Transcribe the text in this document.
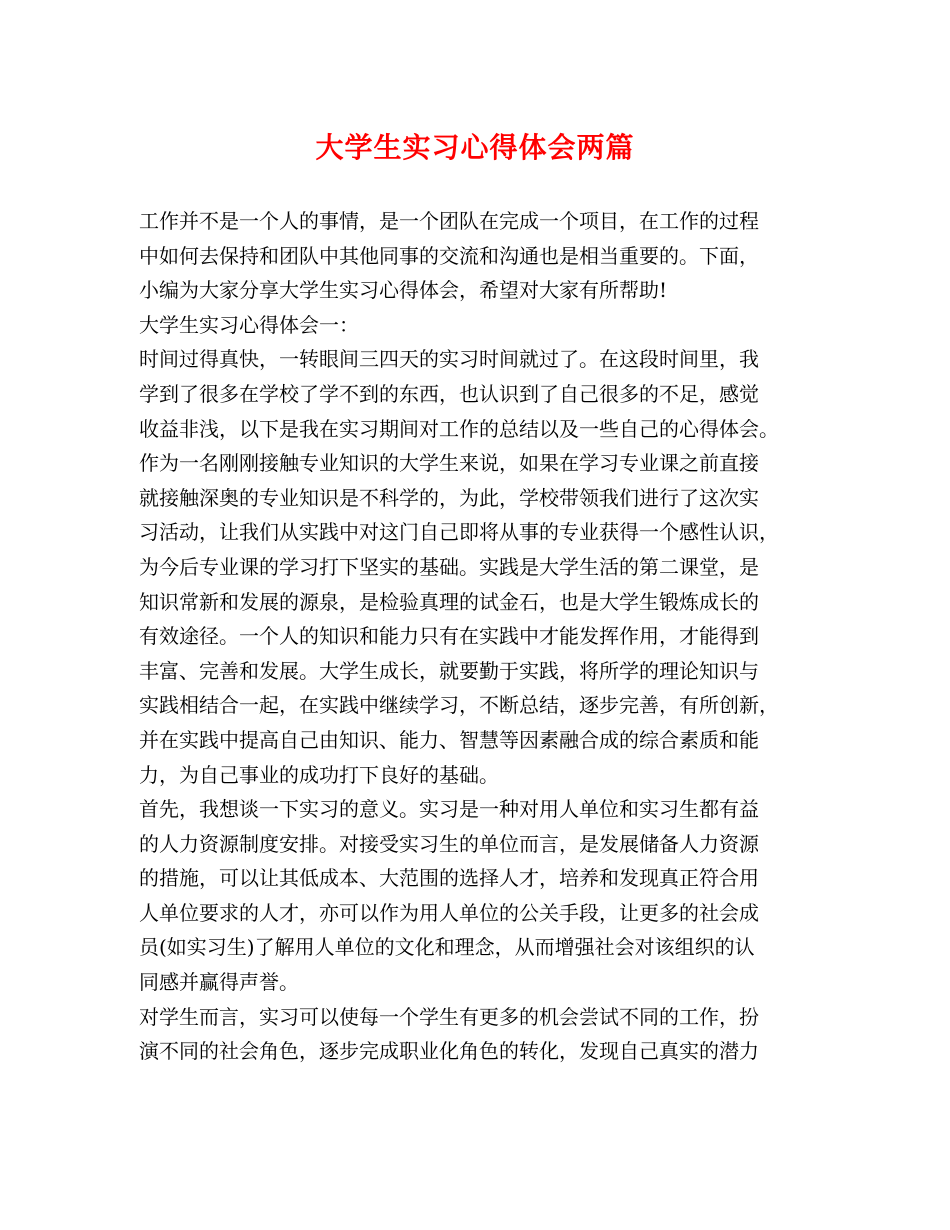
大学生实习心得体会两篇
工作并不是一个人的事情，是一个团队在完成一个项目，在工作的过程
中如何去保持和团队中其他同事的交流和沟通也是相当重要的。下面，
小编为大家分享大学生实习心得体会，希望对大家有所帮助!
大学生实习心得体会一：
时间过得真快，一转眼间三四天的实习时间就过了。在这段时间里，我
学到了很多在学校了学不到的东西，也认识到了自己很多的不足，感觉
收益非浅，以下是我在实习期间对工作的总结以及一些自己的心得体会。
作为一名刚刚接触专业知识的大学生来说，如果在学习专业课之前直接
就接触深奥的专业知识是不科学的，为此，学校带领我们进行了这次实
习活动，让我们从实践中对这门自己即将从事的专业获得一个感性认识，
为今后专业课的学习打下坚实的基础。实践是大学生活的第二课堂，是
知识常新和发展的源泉，是检验真理的试金石，也是大学生锻炼成长的
有效途径。一个人的知识和能力只有在实践中才能发挥作用，才能得到
丰富、完善和发展。大学生成长，就要勤于实践，将所学的理论知识与
实践相结合一起，在实践中继续学习，不断总结，逐步完善，有所创新，
并在实践中提高自己由知识、能力、智慧等因素融合成的综合素质和能
力，为自己事业的成功打下良好的基础。
首先，我想谈一下实习的意义。实习是一种对用人单位和实习生都有益
的人力资源制度安排。对接受实习生的单位而言，是发展储备人力资源
的措施，可以让其低成本、大范围的选择人才，培养和发现真正符合用
人单位要求的人才，亦可以作为用人单位的公关手段，让更多的社会成
员(如实习生)了解用人单位的文化和理念，从而增强社会对该组织的认
同感并赢得声誉。
对学生而言，实习可以使每一个学生有更多的机会尝试不同的工作，扮
演不同的社会角色，逐步完成职业化角色的转化，发现自己真实的潜力
